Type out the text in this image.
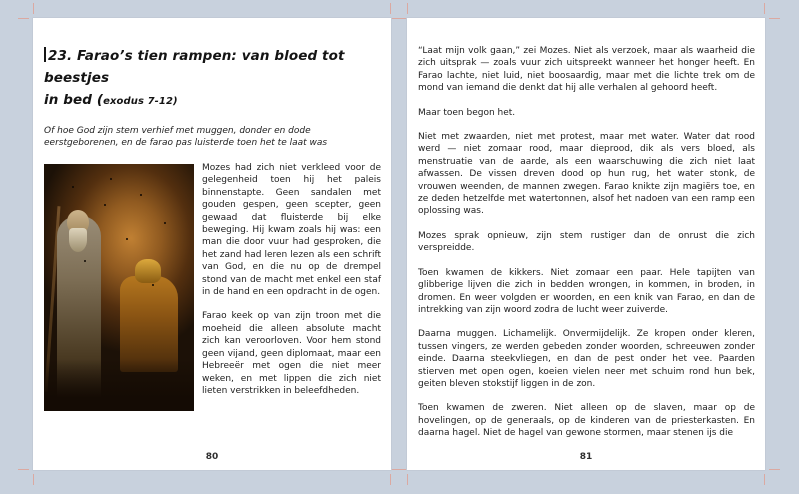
23. Farao’s tien rampen: van bloed tot beestjes
in bed (exodus 7-12)

Of hoe God zijn stem verhief met muggen, donder en dode eerstgeborenen, en de farao pas luisterde toen het te laat was

Mozes had zich niet verkleed voor de gelegenheid toen hij het paleis binnenstapte. Geen sandalen met gouden gespen, geen scepter, geen gewaad dat fluisterde bij elke beweging. Hij kwam zoals hij was: een man die door vuur had gesproken, die het zand had leren lezen als een schrift van God, en die nu op de drempel stond van de macht met enkel een staf in de hand en een opdracht in de ogen.

Farao keek op van zijn troon met die moeheid die alleen absolute macht zich kan veroorloven. Voor hem stond geen vijand, geen diplomaat, maar een Hebreeër met ogen die niet meer weken, en met lippen die zich niet lieten verstrikken in beleefdheden.

80

“Laat mijn volk gaan,” zei Mozes. Niet als verzoek, maar als waarheid die zich uitsprak — zoals vuur zich uitspreekt wanneer het honger heeft. En Farao lachte, niet luid, niet boosaardig, maar met die lichte trek om de mond van iemand die denkt dat hij alle verhalen al gehoord heeft.

Maar toen begon het.

Niet met zwaarden, niet met protest, maar met water. Water dat rood werd — niet zomaar rood, maar dieprood, dik als vers bloed, als menstruatie van de aarde, als een waarschuwing die zich niet laat afwassen. De vissen dreven dood op hun rug, het water stonk, de vrouwen weenden, de mannen zwegen. Farao knikte zijn magiërs toe, en ze deden hetzelfde met watertonnen, alsof het nadoen van een ramp een oplossing was.

Mozes sprak opnieuw, zijn stem rustiger dan de onrust die zich verspreidde.

Toen kwamen de kikkers. Niet zomaar een paar. Hele tapijten van glibberige lijven die zich in bedden wrongen, in kommen, in broden, in dromen. En weer volgden er woorden, en een knik van Farao, en dan de intrekking van zijn woord zodra de lucht weer zuiverde.

Daarna muggen. Lichamelijk. Onvermijdelijk. Ze kropen onder kleren, tussen vingers, ze werden gebeden zonder woorden, schreeuwen zonder einde. Daarna steekvliegen, en dan de pest onder het vee. Paarden stierven met open ogen, koeien vielen neer met schuim rond hun bek, geiten bleven stokstijf liggen in de zon.

Toen kwamen de zweren. Niet alleen op de slaven, maar op de hovelingen, op de generaals, op de kinderen van de priesterkasten. En daarna hagel. Niet de hagel van gewone stormen, maar stenen ijs die

81
